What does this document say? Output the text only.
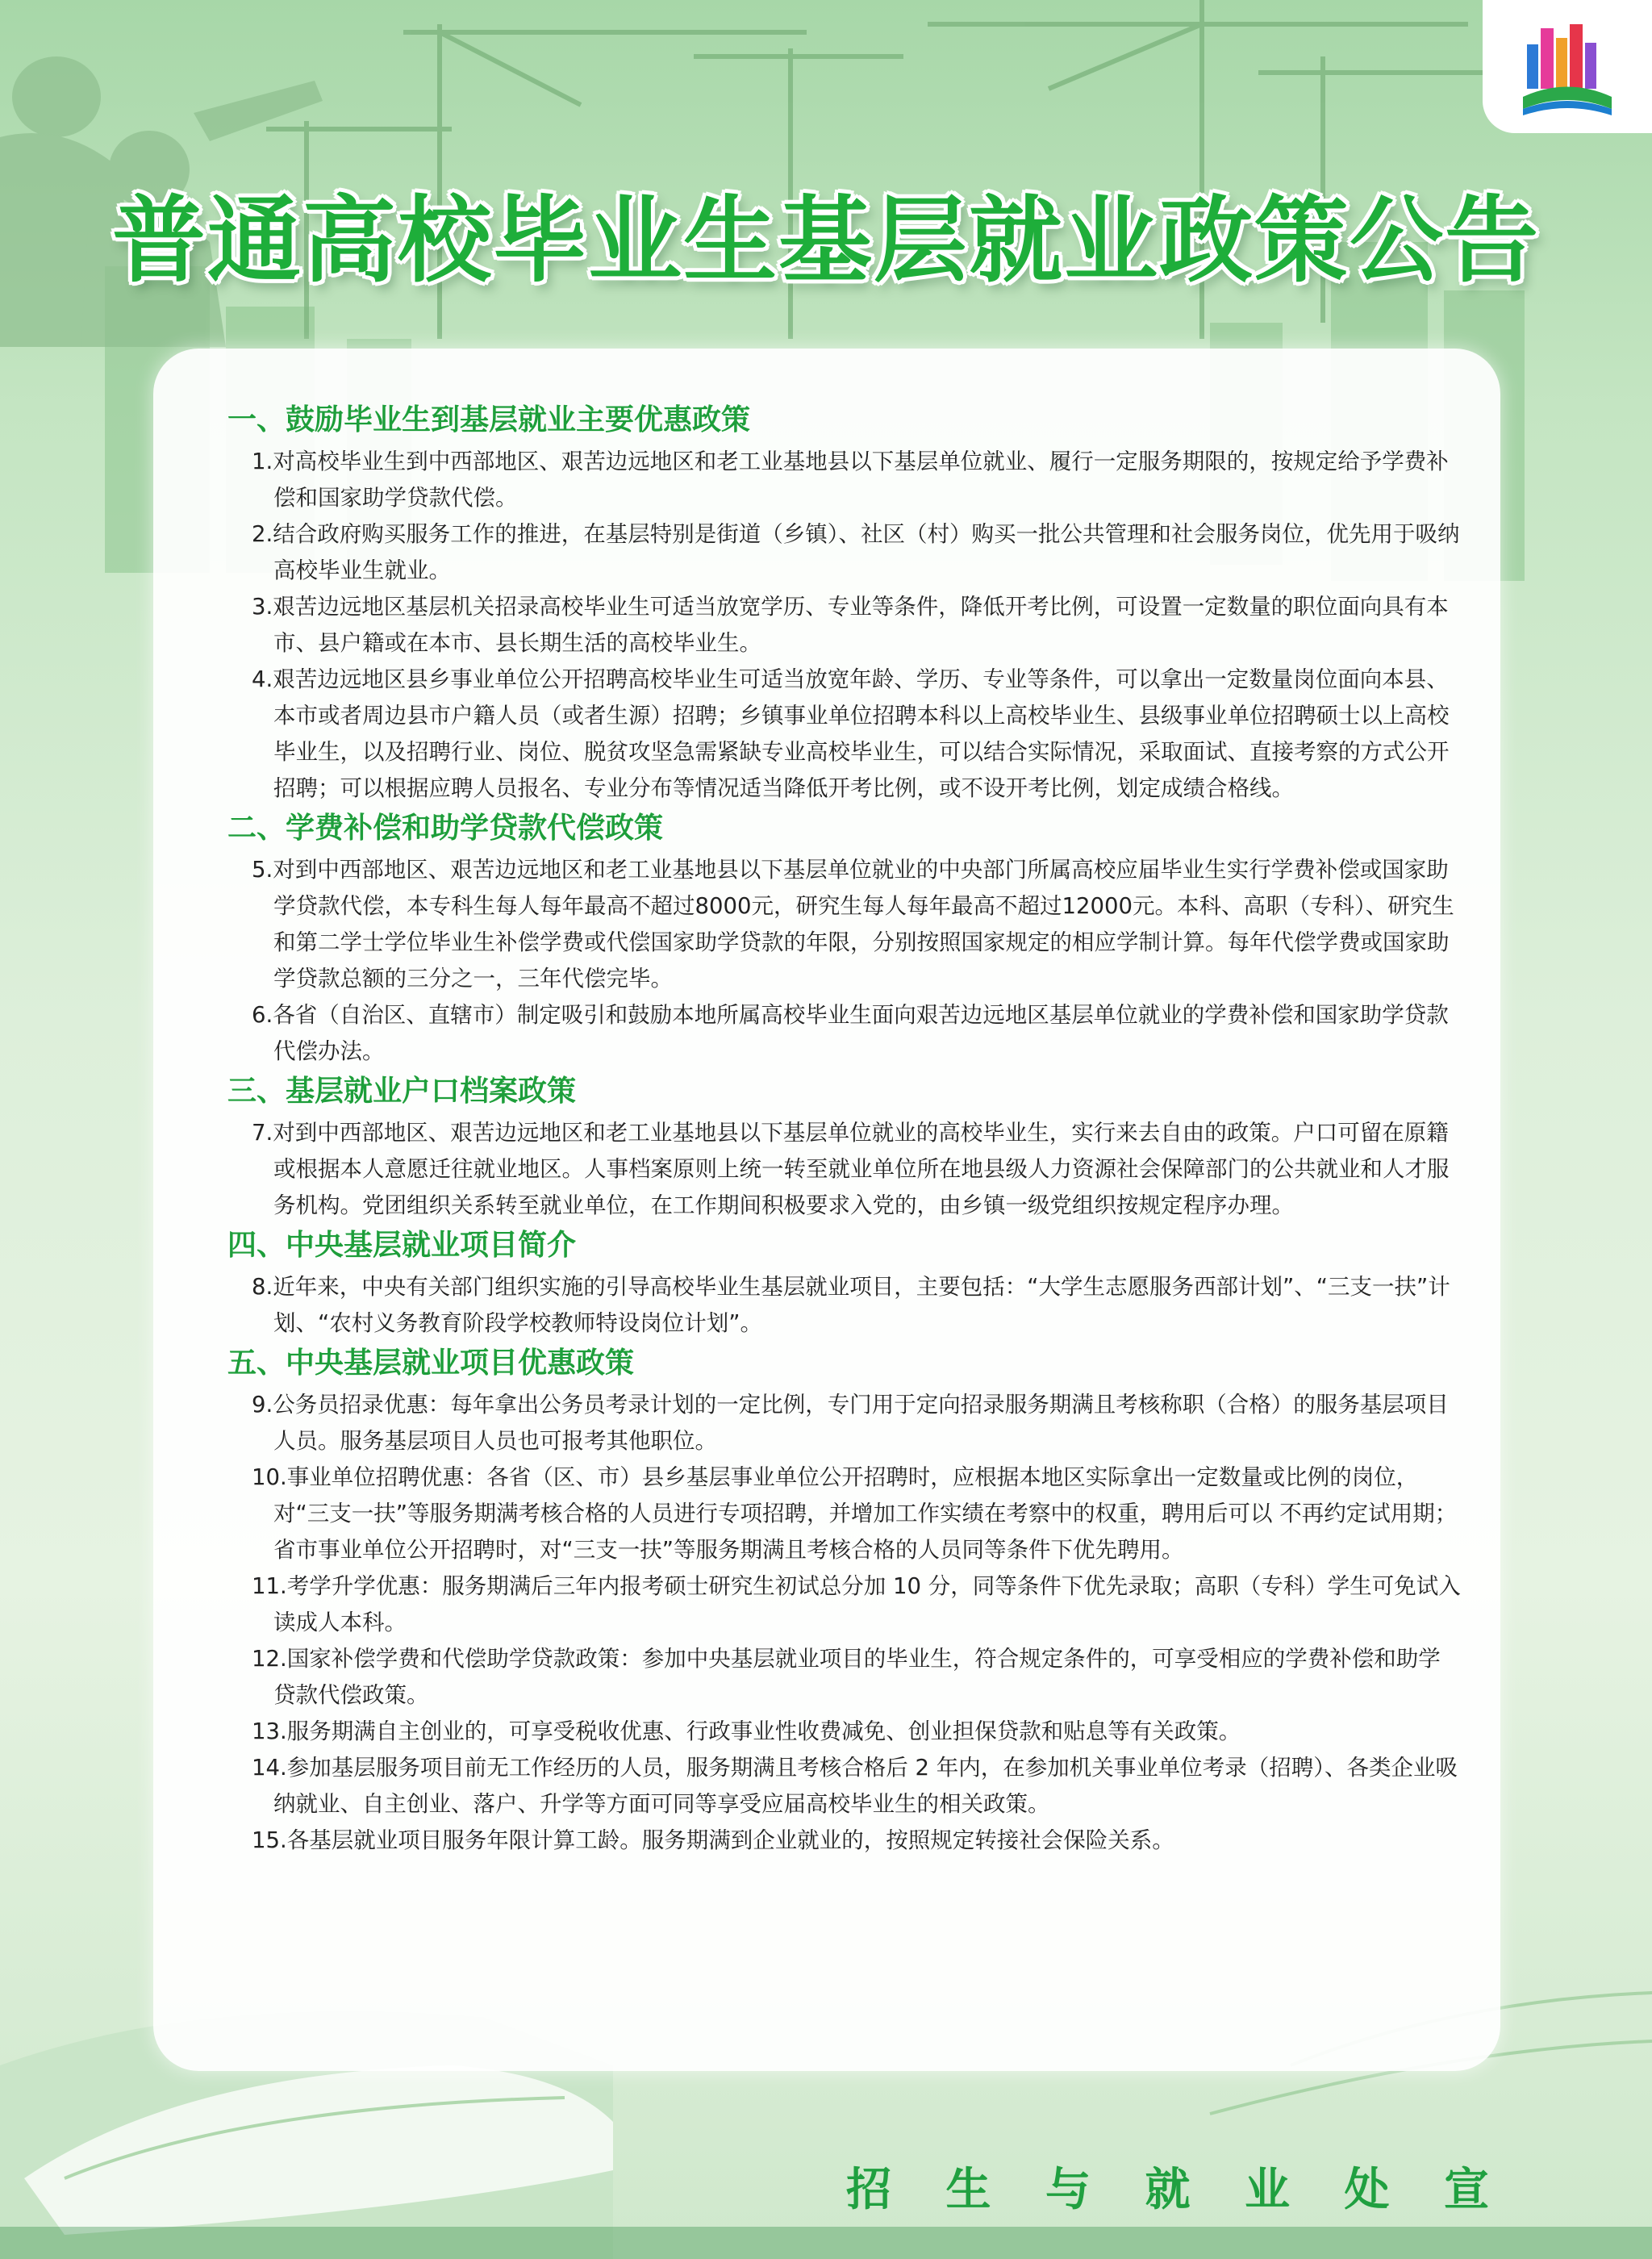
普通高校毕业生基层就业政策公告
一、鼓励毕业生到基层就业主要优惠政策

1.对高校毕业生到中西部地区、艰苦边远地区和老工业基地县以下基层单位就业、履行一定服务期限的，按规定给予学费补偿和国家助学贷款代偿。

2.结合政府购买服务工作的推进，在基层特别是街道（乡镇）、社区（村）购买一批公共管理和社会服务岗位，优先用于吸纳高校毕业生就业。

3.艰苦边远地区基层机关招录高校毕业生可适当放宽学历、专业等条件，降低开考比例，可设置一定数量的职位面向具有本市、县户籍或在本市、县长期生活的高校毕业生。

4.艰苦边远地区县乡事业单位公开招聘高校毕业生可适当放宽年龄、学历、专业等条件，可以拿出一定数量岗位面向本县、本市或者周边县市户籍人员（或者生源）招聘；乡镇事业单位招聘本科以上高校毕业生、县级事业单位招聘硕士以上高校毕业生，以及招聘行业、岗位、脱贫攻坚急需紧缺专业高校毕业生，可以结合实际情况，采取面试、直接考察的方式公开招聘；可以根据应聘人员报名、专业分布等情况适当降低开考比例，或不设开考比例，划定成绩合格线。

二、学费补偿和助学贷款代偿政策

5.对到中西部地区、艰苦边远地区和老工业基地县以下基层单位就业的中央部门所属高校应届毕业生实行学费补偿或国家助学贷款代偿，本专科生每人每年最高不超过8000元，研究生每人每年最高不超过12000元。本科、高职（专科）、研究生和第二学士学位毕业生补偿学费或代偿国家助学贷款的年限，分别按照国家规定的相应学制计算。每年代偿学费或国家助学贷款总额的三分之一，三年代偿完毕。

6.各省（自治区、直辖市）制定吸引和鼓励本地所属高校毕业生面向艰苦边远地区基层单位就业的学费补偿和国家助学贷款代偿办法。

三、基层就业户口档案政策

7.对到中西部地区、艰苦边远地区和老工业基地县以下基层单位就业的高校毕业生，实行来去自由的政策。户口可留在原籍或根据本人意愿迁往就业地区。人事档案原则上统一转至就业单位所在地县级人力资源社会保障部门的公共就业和人才服务机构。党团组织关系转至就业单位，在工作期间积极要求入党的，由乡镇一级党组织按规定程序办理。

四、中央基层就业项目简介

8.近年来，中央有关部门组织实施的引导高校毕业生基层就业项目，主要包括：“大学生志愿服务西部计划”、“三支一扶”计划、“农村义务教育阶段学校教师特设岗位计划”。

五、中央基层就业项目优惠政策

9.公务员招录优惠：每年拿出公务员考录计划的一定比例，专门用于定向招录服务期满且考核称职（合格）的服务基层项目人员。服务基层项目人员也可报考其他职位。

10.事业单位招聘优惠：各省（区、市）县乡基层事业单位公开招聘时，应根据本地区实际拿出一定数量或比例的岗位，对“三支一扶”等服务期满考核合格的人员进行专项招聘，并增加工作实绩在考察中的权重，聘用后可以 不再约定试用期；省市事业单位公开招聘时，对“三支一扶”等服务期满且考核合格的人员同等条件下优先聘用。

11.考学升学优惠：服务期满后三年内报考硕士研究生初试总分加 10 分，同等条件下优先录取；高职（专科）学生可免试入读成人本科。

12.国家补偿学费和代偿助学贷款政策：参加中央基层就业项目的毕业生，符合规定条件的，可享受相应的学费补偿和助学贷款代偿政策。

13.服务期满自主创业的，可享受税收优惠、行政事业性收费减免、创业担保贷款和贴息等有关政策。

14.参加基层服务项目前无工作经历的人员，服务期满且考核合格后 2 年内，在参加机关事业单位考录（招聘）、各类企业吸纳就业、自主创业、落户、升学等方面可同等享受应届高校毕业生的相关政策。

15.各基层就业项目服务年限计算工龄。服务期满到企业就业的，按照规定转接社会保险关系。

招 生 与 就 业 处 宣
